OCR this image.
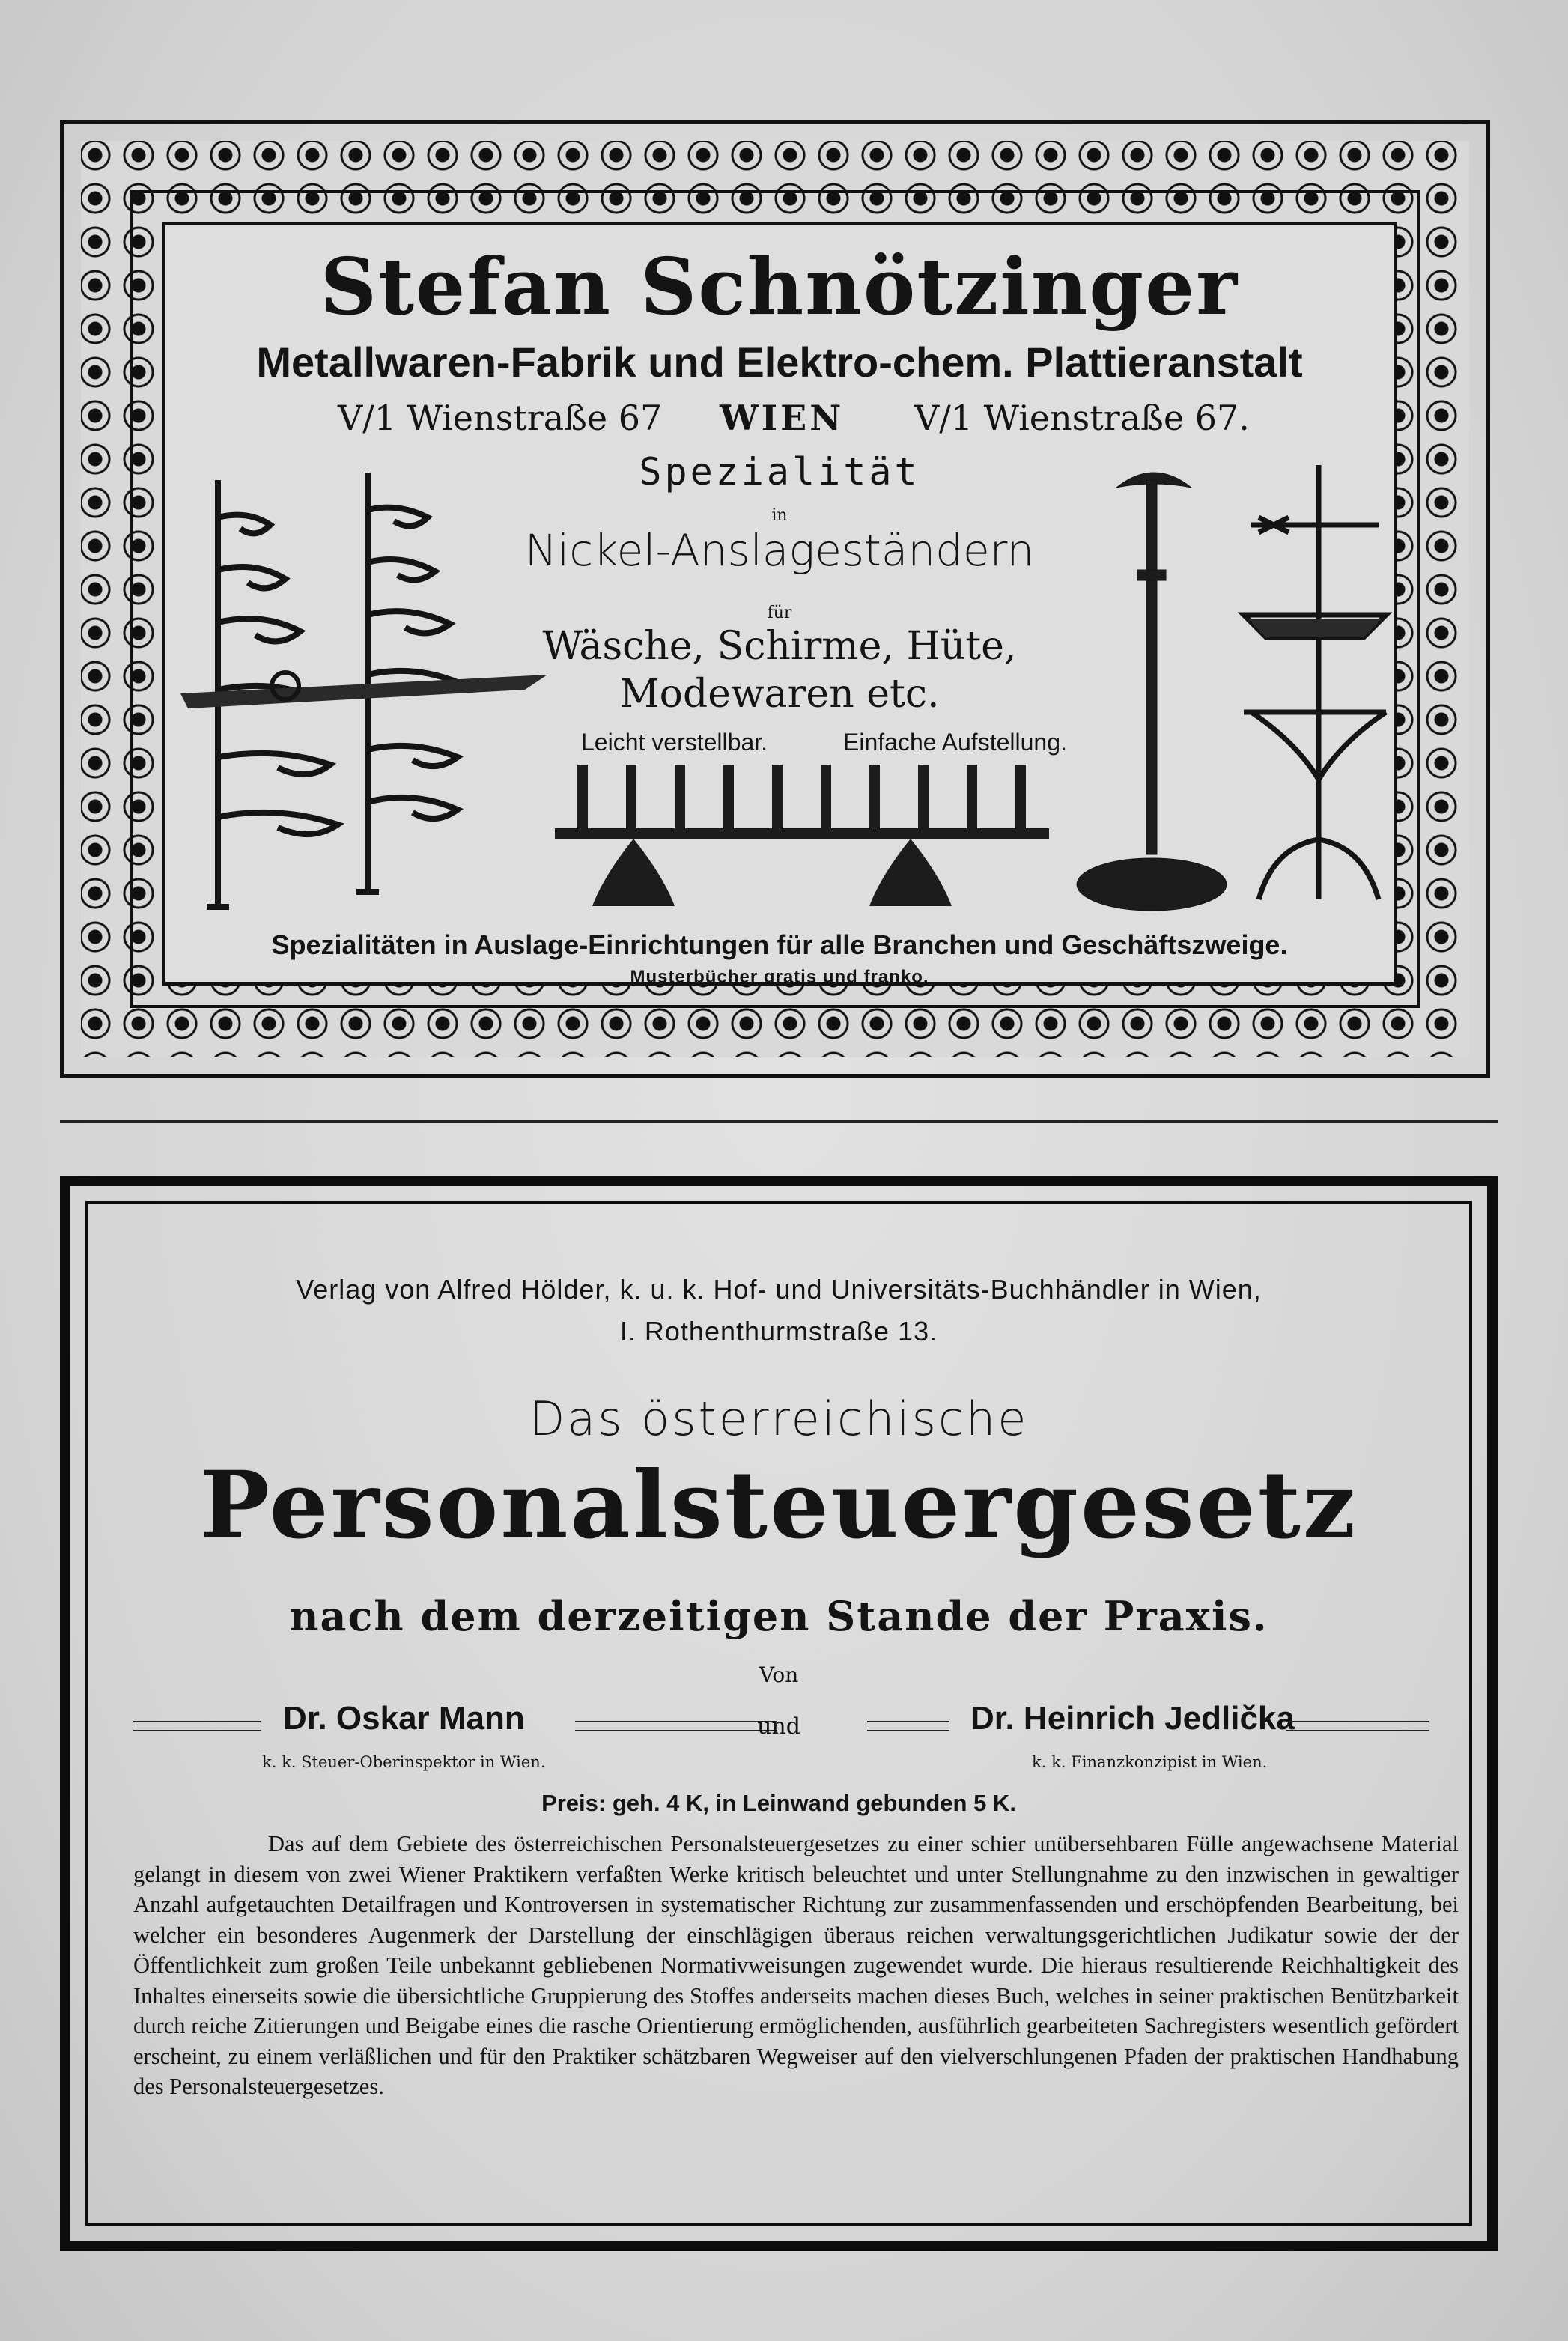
Stefan Schnötzinger
Metallwaren-Fabrik und Elektro-chem. Plattieranstalt
V/1 Wienstraße 67 WIEN V/1 Wienstraße 67.
Spezialität
in
Nickel-Anslageständern
für
Wäsche, Schirme, Hüte,
Modewaren etc.
Leicht verstellbar.	Einfache Aufstellung.
Spezialitäten in Auslage-Einrichtungen für alle Branchen und Geschäftszweige.
Musterbücher gratis und franko.
Verlag von Alfred Hölder, k. u. k. Hof- und Universitäts-Buchhändler in Wien,
I. Rothenthurmstraße 13.
Das österreichische
Personalsteuergesetz
nach dem derzeitigen Stande der Praxis.
Von
Dr. Oskar Mann	und	Dr. Heinrich Jedlička
k. k. Steuer-Oberinspektor in Wien.	k. k. Finanzkonzipist in Wien.
Preis: geh. 4 K, in Leinwand gebunden 5 K.
Das auf dem Gebiete des österreichischen Personalsteuergesetzes zu einer schier unübersehbaren Fülle angewachsene Material gelangt in diesem von zwei Wiener Praktikern verfaßten Werke kritisch beleuchtet und unter Stellungnahme zu den inzwischen in gewaltiger Anzahl aufgetauchten Detailfragen und Kontroversen in systematischer Richtung zur zusammenfassenden und erschöpfenden Bearbeitung, bei welcher ein besonderes Augenmerk der Darstellung der einschlägigen überaus reichen verwaltungsgerichtlichen Judikatur sowie der der Öffentlichkeit zum großen Teile unbekannt gebliebenen Normativweisungen zugewendet wurde. Die hieraus resultierende Reichhaltigkeit des Inhaltes einerseits sowie die übersichtliche Gruppierung des Stoffes anderseits machen dieses Buch, welches in seiner praktischen Benützbarkeit durch reiche Zitierungen und Beigabe eines die rasche Orientierung ermöglichenden, ausführlich gearbeiteten Sachregisters wesentlich gefördert erscheint, zu einem verläßlichen und für den Praktiker schätzbaren Wegweiser auf den vielverschlungenen Pfaden der praktischen Handhabung des Personalsteuergesetzes.
